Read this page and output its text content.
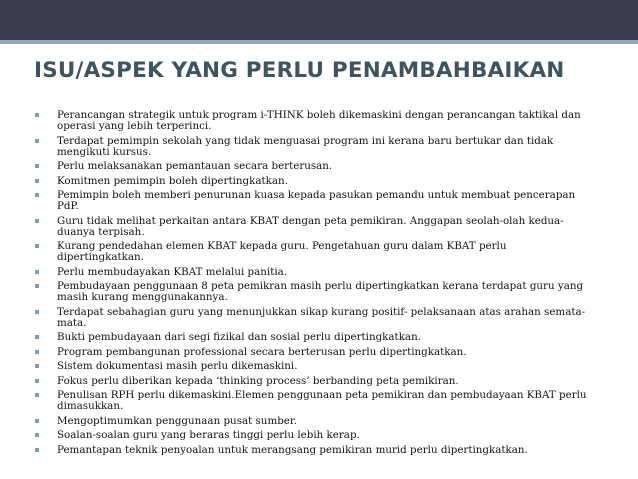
ISU/ASPEK YANG PERLU PENAMBAHBAIKAN
Perancangan strategik untuk program i-THINK boleh dikemaskini dengan perancangan taktikal dan operasi yang lebih terperinci.
Terdapat pemimpin sekolah yang tidak menguasai program ini kerana baru bertukar dan tidak mengikuti kursus.
Perlu melaksanakan pemantauan secara berterusan.
Komitmen pemimpin boleh dipertingkatkan.
Pemimpin boleh memberi penurunan kuasa kepada pasukan pemandu untuk membuat pencerapan PdP.
Guru tidak melihat perkaitan antara KBAT dengan peta pemikiran. Anggapan seolah-olah kedua-duanya terpisah.
Kurang pendedahan elemen KBAT kepada guru. Pengetahuan guru dalam KBAT perlu dipertingkatkan.
Perlu membudayakan KBAT melalui panitia.
Pembudayaan penggunaan 8 peta pemikran masih perlu dipertingkatkan kerana terdapat guru yang masih kurang menggunakannya.
Terdapat sebahagian guru yang menunjukkan sikap kurang positif- pelaksanaan atas arahan semata-mata.
Bukti pembudayaan dari segi fizikal dan sosial perlu dipertingkatkan.
Program pembangunan professional secara berterusan perlu dipertingkatkan.
Sistem dokumentasi masih perlu dikemaskini.
Fokus perlu diberikan kepada ‘thinking process’ berbanding peta pemikiran.
Penulisan RPH perlu dikemaskini.Elemen penggunaan peta pemikiran dan pembudayaan KBAT perlu dimasukkan.
Mengoptimumkan penggunaan pusat sumber.
Soalan-soalan guru yang beraras tinggi perlu lebih kerap.
Pemantapan teknik penyoalan untuk merangsang pemikiran murid perlu dipertingkatkan.
